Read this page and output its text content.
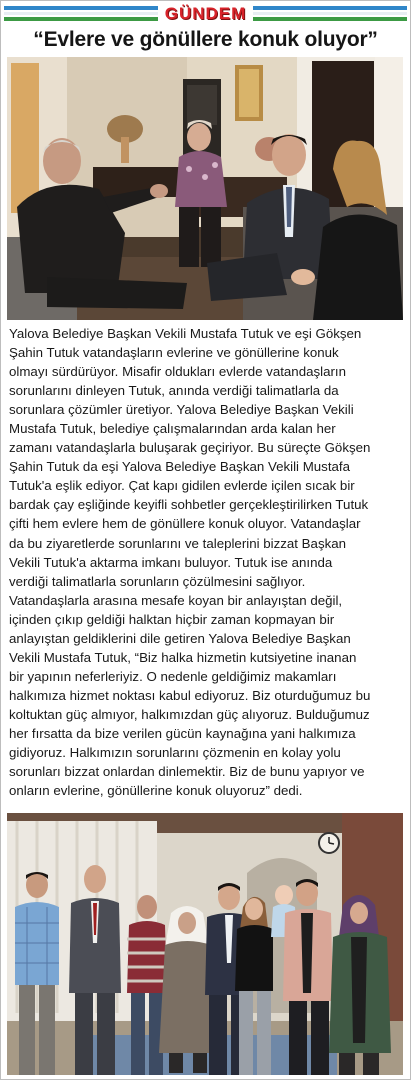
GÜNDEM
“Evlere ve gönüllere konuk oluyor”
Yalova Belediye Başkan Vekili Mustafa Tutuk ve eşi Gökşen
Şahin Tutuk vatandaşların evlerine ve gönüllerine konuk
olmayı sürdürüyor. Misafir oldukları evlerde vatandaşların
sorunlarını dinleyen Tutuk, anında verdiği talimatlarla da
sorunlara çözümler üretiyor. Yalova Belediye Başkan Vekili
Mustafa Tutuk, belediye çalışmalarından arda kalan her
zamanı vatandaşlarla buluşarak geçiriyor. Bu süreçte Gökşen
Şahin Tutuk da eşi Yalova Belediye Başkan Vekili Mustafa
Tutuk'a eşlik ediyor. Çat kapı gidilen evlerde içilen sıcak bir
bardak çay eşliğinde keyifli sohbetler gerçekleştirilirken Tutuk
çifti hem evlere hem de gönüllere konuk oluyor. Vatandaşlar
da bu ziyaretlerde sorunlarını ve taleplerini bizzat Başkan
Vekili Tutuk'a aktarma imkanı buluyor. Tutuk ise anında
verdiği talimatlarla sorunların çözülmesini sağlıyor.
Vatandaşlarla arasına mesafe koyan bir anlayıştan değil,
içinden çıkıp geldiği halktan hiçbir zaman kopmayan bir
anlayıştan geldiklerini dile getiren Yalova Belediye Başkan
Vekili Mustafa Tutuk, “Biz halka hizmetin kutsiyetine inanan
bir yapının neferleriyiz. O nedenle geldiğimiz makamları
halkımıza hizmet noktası kabul ediyoruz. Biz oturduğumuz bu
koltuktan güç almıyor, halkımızdan güç alıyoruz. Bulduğumuz
her fırsatta da bize verilen gücün kaynağına yani halkımıza
gidiyoruz. Halkımızın sorunlarını çözmenin en kolay yolu
sorunları bizzat onlardan dinlemektir. Biz de bunu yapıyor ve
onların evlerine, gönüllerine konuk oluyoruz” dedi.
